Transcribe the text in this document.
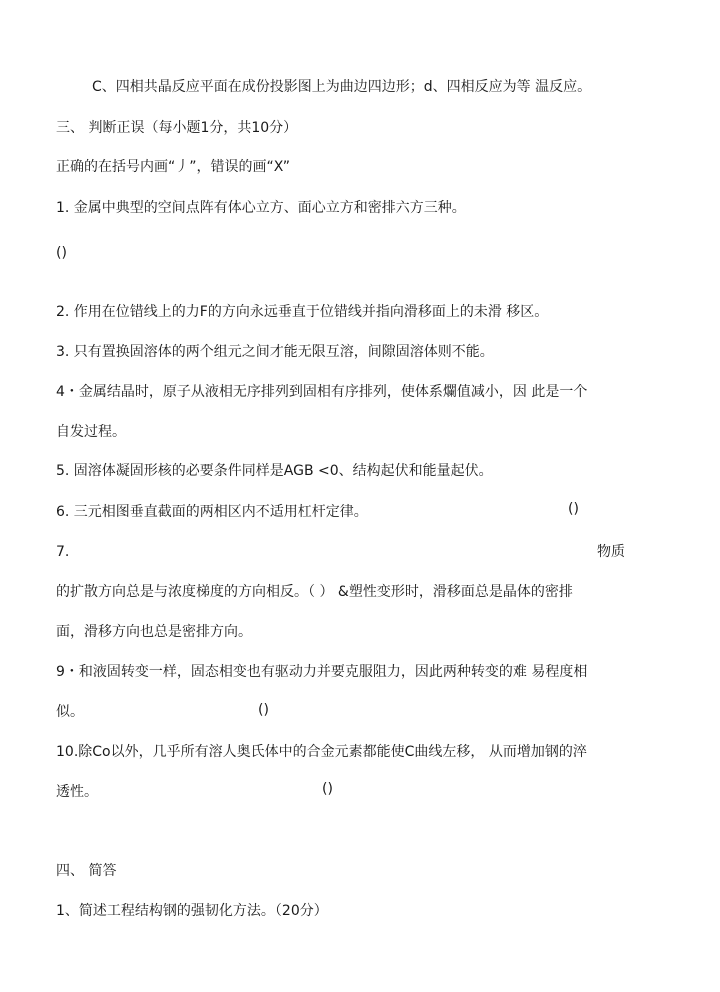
C、四相共晶反应平面在成份投影图上为曲边四边形；d、四相反应为等 温反应。
三、 判断正误（每小题1分，共10分）
正确的在括号内画“丿”，错误的画“X”
1. 金属中典型的空间点阵有体心立方、面心立方和密排六方三种。
()
2. 作用在位错线上的力F的方向永远垂直于位错线并指向滑移面上的未滑 移区。
3. 只有置换固溶体的两个组元之间才能无限互溶，间隙固溶体则不能。
4・金属结晶时，原子从液相无序排列到固相有序排列，使体系爛值减小，因 此是一个
自发过程。
5. 固溶体凝固形核的必要条件同样是AGB <0、结构起伏和能量起伏。
6. 三元相图垂直截面的两相区内不适用杠杆定律。	()
7.	物质
的扩散方向总是与浓度梯度的方向相反。（ ） &塑性变形时，滑移面总是晶体的密排
面，滑移方向也总是密排方向。
9・和液固转变一样，固态相变也有驱动力并要克服阻力，因此两种转变的难 易程度相
似。	()
10.除Co以外，几乎所有溶人奥氏体中的合金元素都能使C曲线左移， 从而增加钢的淬
透性。	()
四、 简答
1、简述工程结构钢的强韧化方法。（20分）
